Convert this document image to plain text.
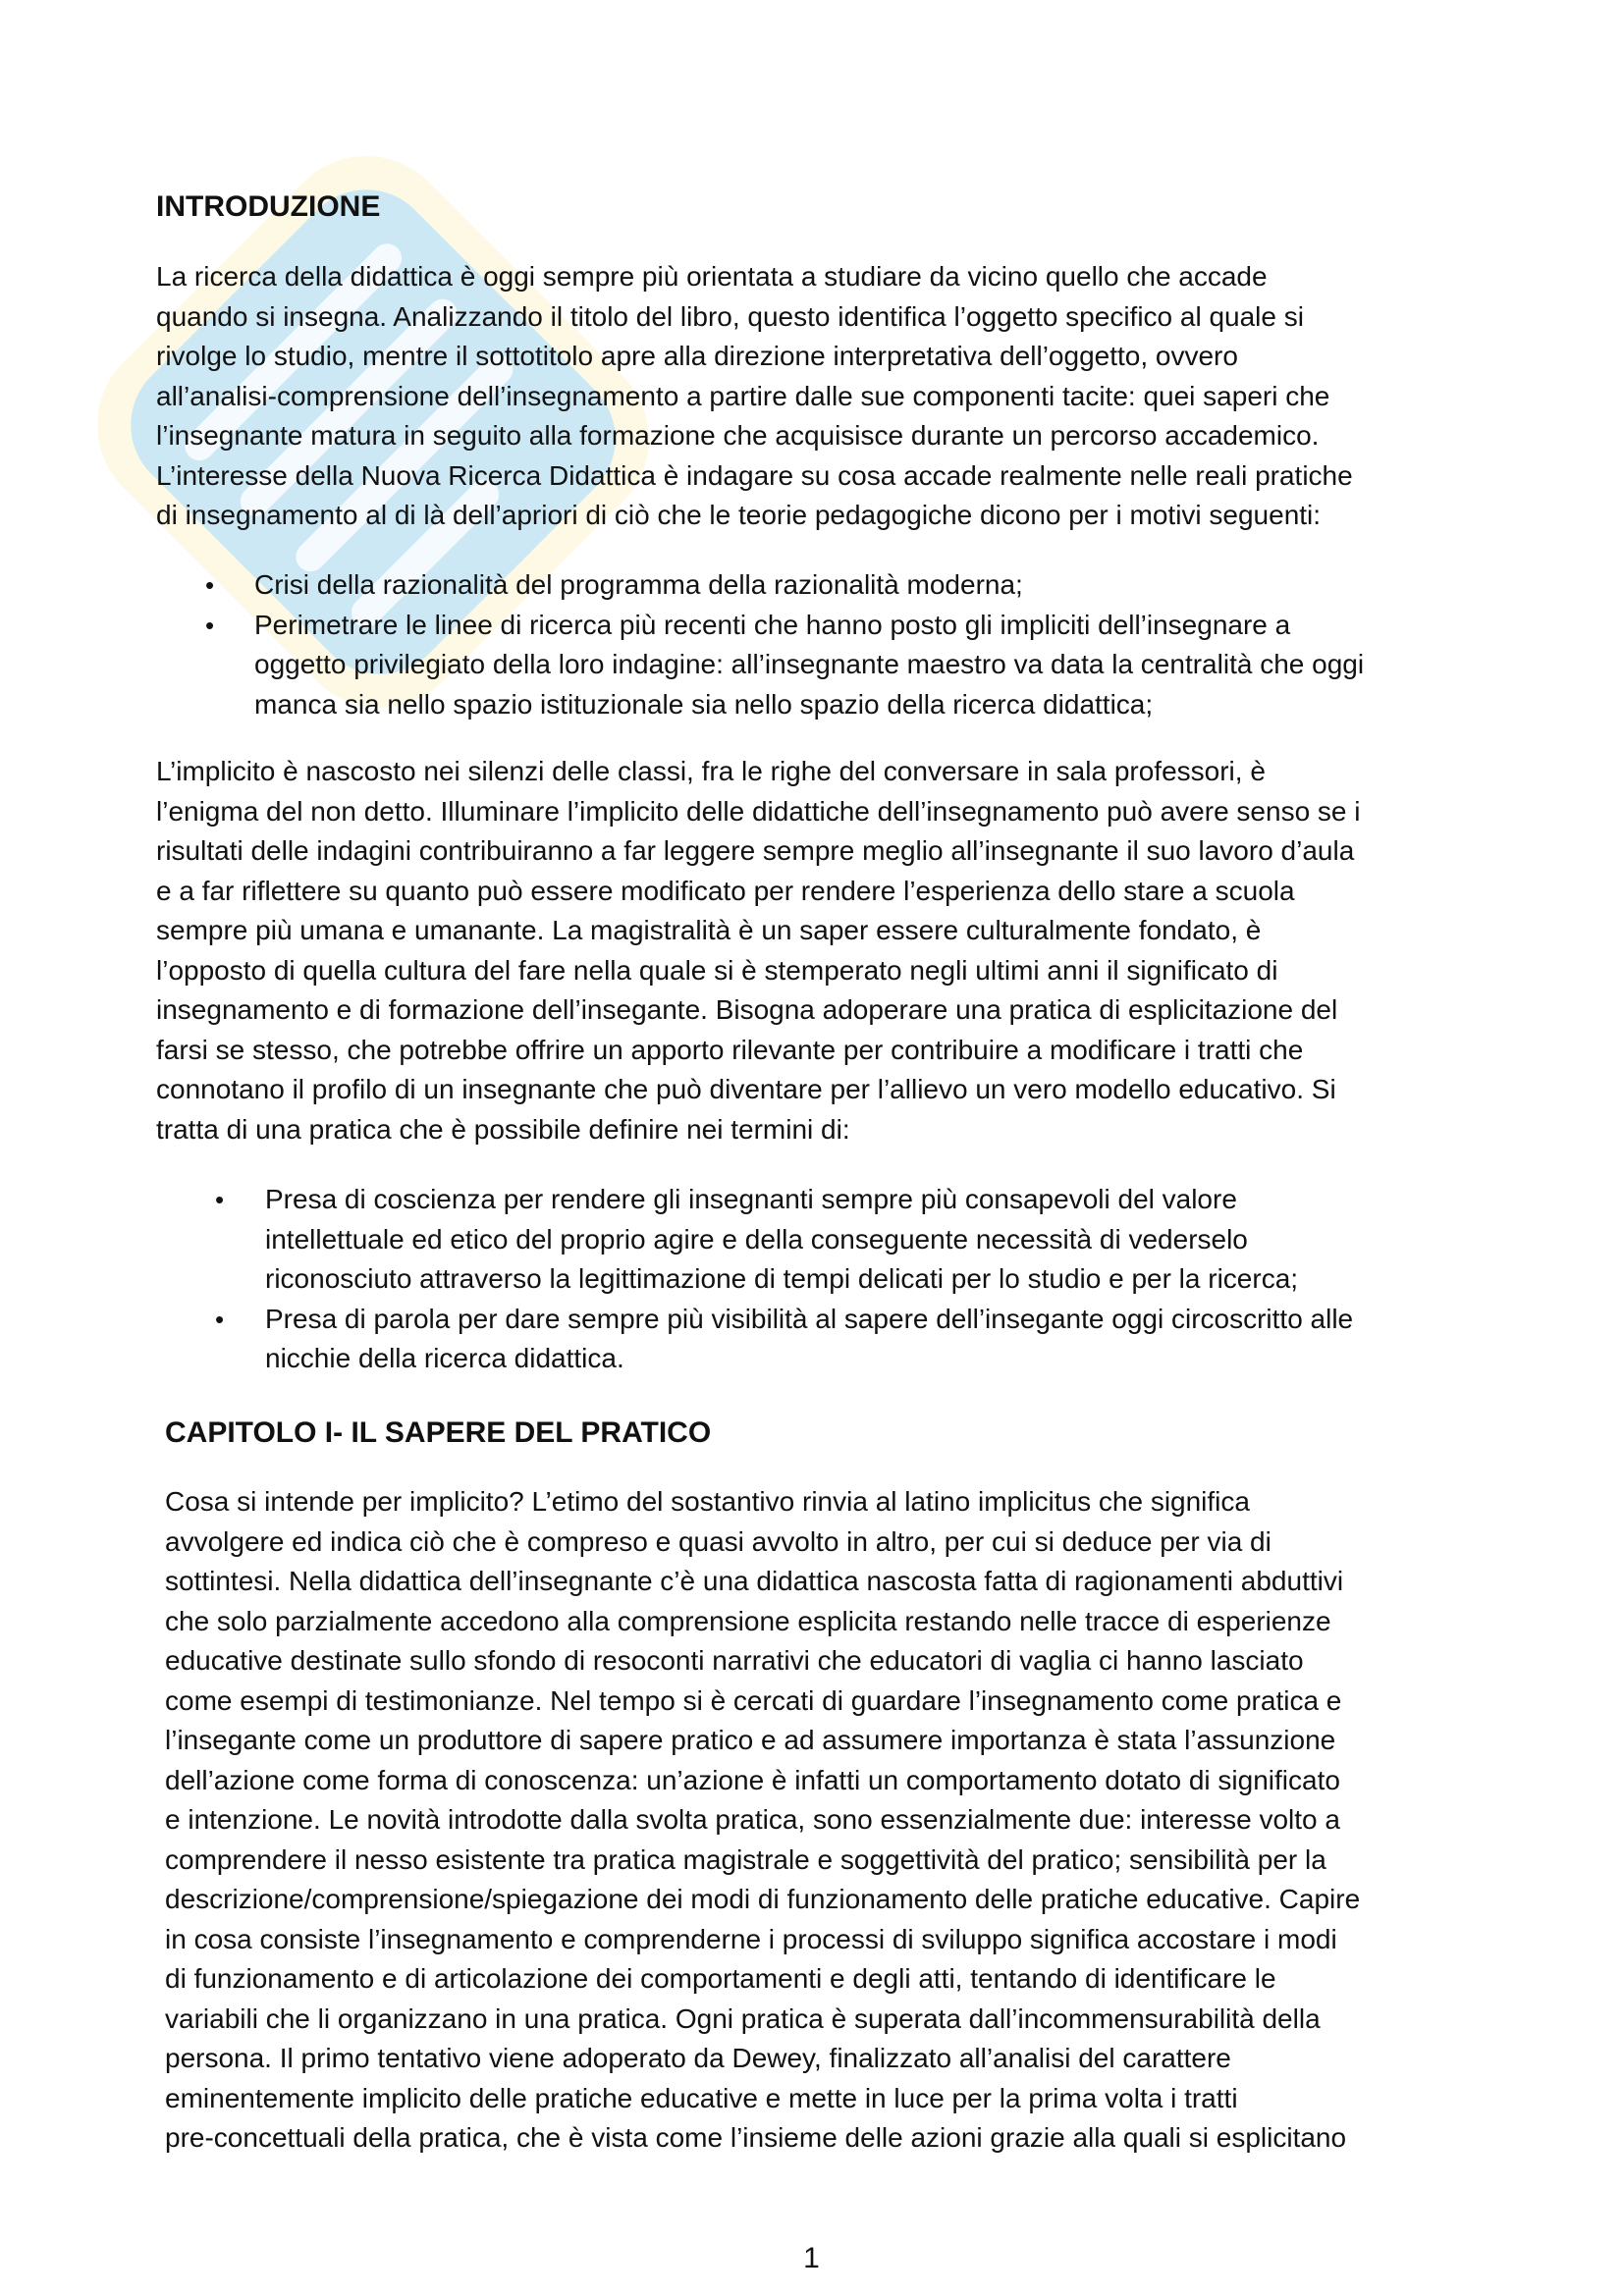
INTRODUZIONE

La ricerca della didattica è oggi sempre più orientata a studiare da vicino quello che accade
quando si insegna. Analizzando il titolo del libro, questo identifica l’oggetto specifico al quale si
rivolge lo studio, mentre il sottotitolo apre alla direzione interpretativa dell’oggetto, ovvero
all’analisi-comprensione dell’insegnamento a partire dalle sue componenti tacite: quei saperi che
l’insegnante matura in seguito alla formazione che acquisisce durante un percorso accademico.
L’interesse della Nuova Ricerca Didattica è indagare su cosa accade realmente nelle reali pratiche
di insegnamento al di là dell’apriori di ciò che le teorie pedagogiche dicono per i motivi seguenti:

• Crisi della razionalità del programma della razionalità moderna;
• Perimetrare le linee di ricerca più recenti che hanno posto gli impliciti dell’insegnare a
oggetto privilegiato della loro indagine: all’insegnante maestro va data la centralità che oggi
manca sia nello spazio istituzionale sia nello spazio della ricerca didattica;

L’implicito è nascosto nei silenzi delle classi, fra le righe del conversare in sala professori, è
l’enigma del non detto. Illuminare l’implicito delle didattiche dell’insegnamento può avere senso se i
risultati delle indagini contribuiranno a far leggere sempre meglio all’insegnante il suo lavoro d’aula
e a far riflettere su quanto può essere modificato per rendere l’esperienza dello stare a scuola
sempre più umana e umanante. La magistralità è un saper essere culturalmente fondato, è
l’opposto di quella cultura del fare nella quale si è stemperato negli ultimi anni il significato di
insegnamento e di formazione dell’insegante. Bisogna adoperare una pratica di esplicitazione del
farsi se stesso, che potrebbe offrire un apporto rilevante per contribuire a modificare i tratti che
connotano il profilo di un insegnante che può diventare per l’allievo un vero modello educativo. Si
tratta di una pratica che è possibile definire nei termini di:

• Presa di coscienza per rendere gli insegnanti sempre più consapevoli del valore
intellettuale ed etico del proprio agire e della conseguente necessità di vederselo
riconosciuto attraverso la legittimazione di tempi delicati per lo studio e per la ricerca;
• Presa di parola per dare sempre più visibilità al sapere dell’insegante oggi circoscritto alle
nicchie della ricerca didattica.
CAPITOLO I- IL SAPERE DEL PRATICO

Cosa si intende per implicito? L’etimo del sostantivo rinvia al latino implicitus che significa
avvolgere ed indica ciò che è compreso e quasi avvolto in altro, per cui si deduce per via di
sottintesi. Nella didattica dell’insegnante c’è una didattica nascosta fatta di ragionamenti abduttivi
che solo parzialmente accedono alla comprensione esplicita restando nelle tracce di esperienze
educative destinate sullo sfondo di resoconti narrativi che educatori di vaglia ci hanno lasciato
come esempi di testimonianze. Nel tempo si è cercati di guardare l’insegnamento come pratica e
l’insegante come un produttore di sapere pratico e ad assumere importanza è stata l’assunzione
dell’azione come forma di conoscenza: un’azione è infatti un comportamento dotato di significato
e intenzione. Le novità introdotte dalla svolta pratica, sono essenzialmente due: interesse volto a
comprendere il nesso esistente tra pratica magistrale e soggettività del pratico; sensibilità per la
descrizione/comprensione/spiegazione dei modi di funzionamento delle pratiche educative. Capire
in cosa consiste l’insegnamento e comprenderne i processi di sviluppo significa accostare i modi
di funzionamento e di articolazione dei comportamenti e degli atti, tentando di identificare le
variabili che li organizzano in una pratica. Ogni pratica è superata dall’incommensurabilità della
persona. Il primo tentativo viene adoperato da Dewey, finalizzato all’analisi del carattere
eminentemente implicito delle pratiche educative e mette in luce per la prima volta i tratti
pre-concettuali della pratica, che è vista come l’insieme delle azioni grazie alla quali si esplicitano

1
